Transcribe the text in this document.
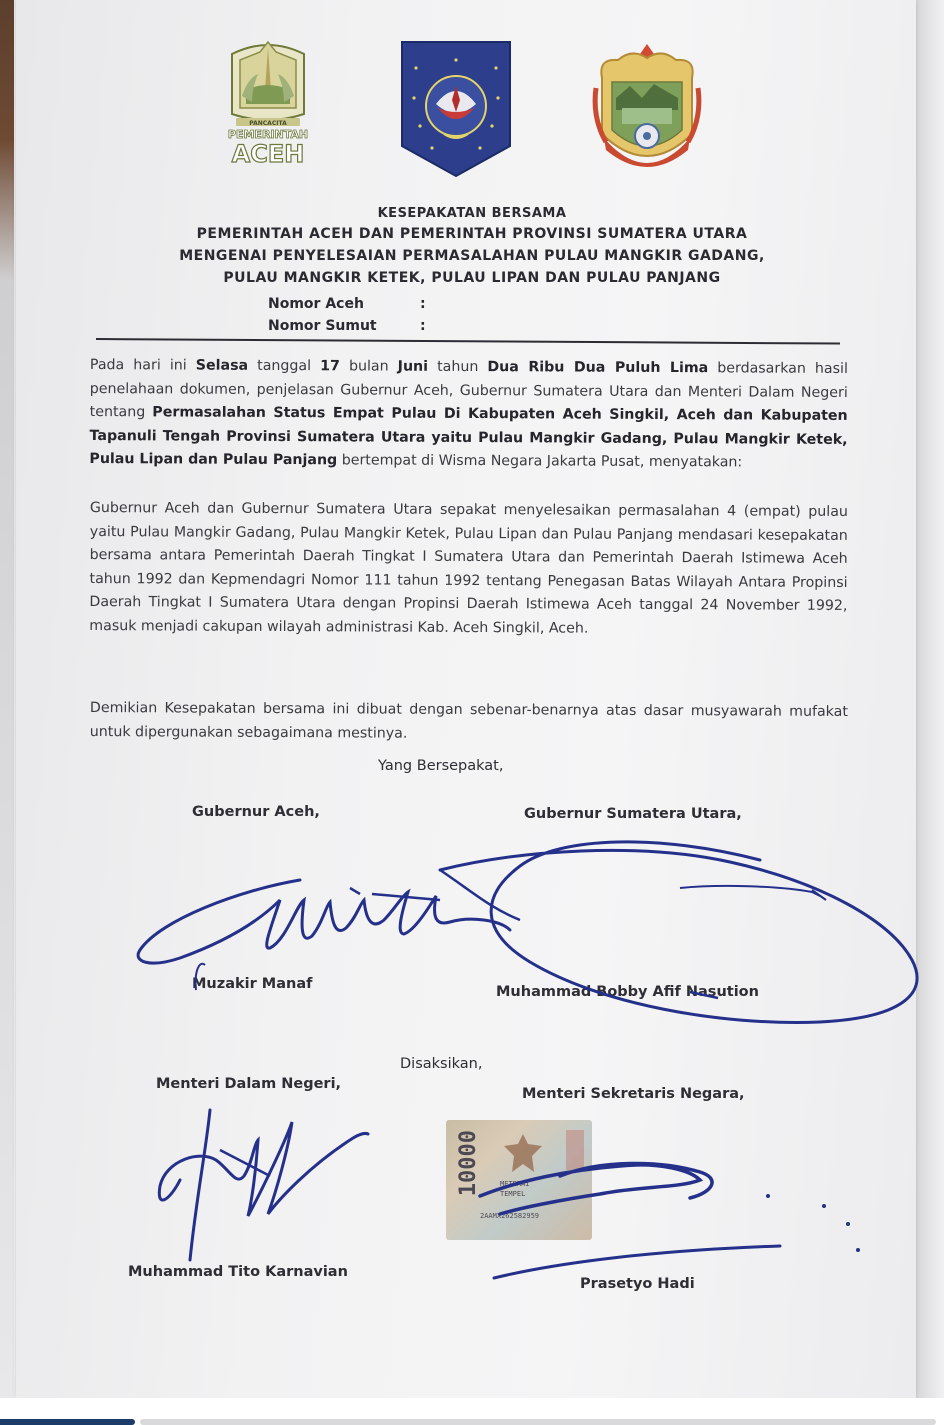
PANCACITA
PEMERINTAH
ACEH
KESEPAKATAN BERSAMA
PEMERINTAH ACEH DAN PEMERINTAH PROVINSI SUMATERA UTARA
MENGENAI PENYELESAIAN PERMASALAHAN PULAU MANGKIR GADANG,
PULAU MANGKIR KETEK, PULAU LIPAN DAN PULAU PANJANG
Nomor Aceh	:
Nomor Sumut	:
Pada hari ini Selasa tanggal 17 bulan Juni tahun Dua Ribu Dua Puluh Lima berdasarkan hasil penelahaan dokumen, penjelasan Gubernur Aceh, Gubernur Sumatera Utara dan Menteri Dalam Negeri tentang Permasalahan Status Empat Pulau Di Kabupaten Aceh Singkil, Aceh dan Kabupaten Tapanuli Tengah Provinsi Sumatera Utara yaitu Pulau Mangkir Gadang, Pulau Mangkir Ketek, Pulau Lipan dan Pulau Panjang bertempat di Wisma Negara Jakarta Pusat, menyatakan:
Gubernur Aceh dan Gubernur Sumatera Utara sepakat menyelesaikan permasalahan 4 (empat) pulau yaitu Pulau Mangkir Gadang, Pulau Mangkir Ketek, Pulau Lipan dan Pulau Panjang mendasari kesepakatan bersama antara Pemerintah Daerah Tingkat I Sumatera Utara dan Pemerintah Daerah Istimewa Aceh tahun 1992 dan Kepmendagri Nomor 111 tahun 1992 tentang Penegasan Batas Wilayah Antara Propinsi Daerah Tingkat I Sumatera Utara dengan Propinsi Daerah Istimewa Aceh tanggal 24 November 1992, masuk menjadi cakupan wilayah administrasi Kab. Aceh Singkil, Aceh.
Demikian Kesepakatan bersama ini dibuat dengan sebenar-benarnya atas dasar musyawarah mufakat untuk dipergunakan sebagaimana mestinya.
Yang Bersepakat,
Gubernur Aceh,	Gubernur Sumatera Utara,
Muzakir Manaf	Muhammad Bobby Afif Nasution
Disaksikan,
Menteri Dalam Negeri,
Menteri Sekretaris Negara,
Muhammad Tito Karnavian
Prasetyo Hadi
10000	METERAI
TEMPEL
2AAMX262582959
